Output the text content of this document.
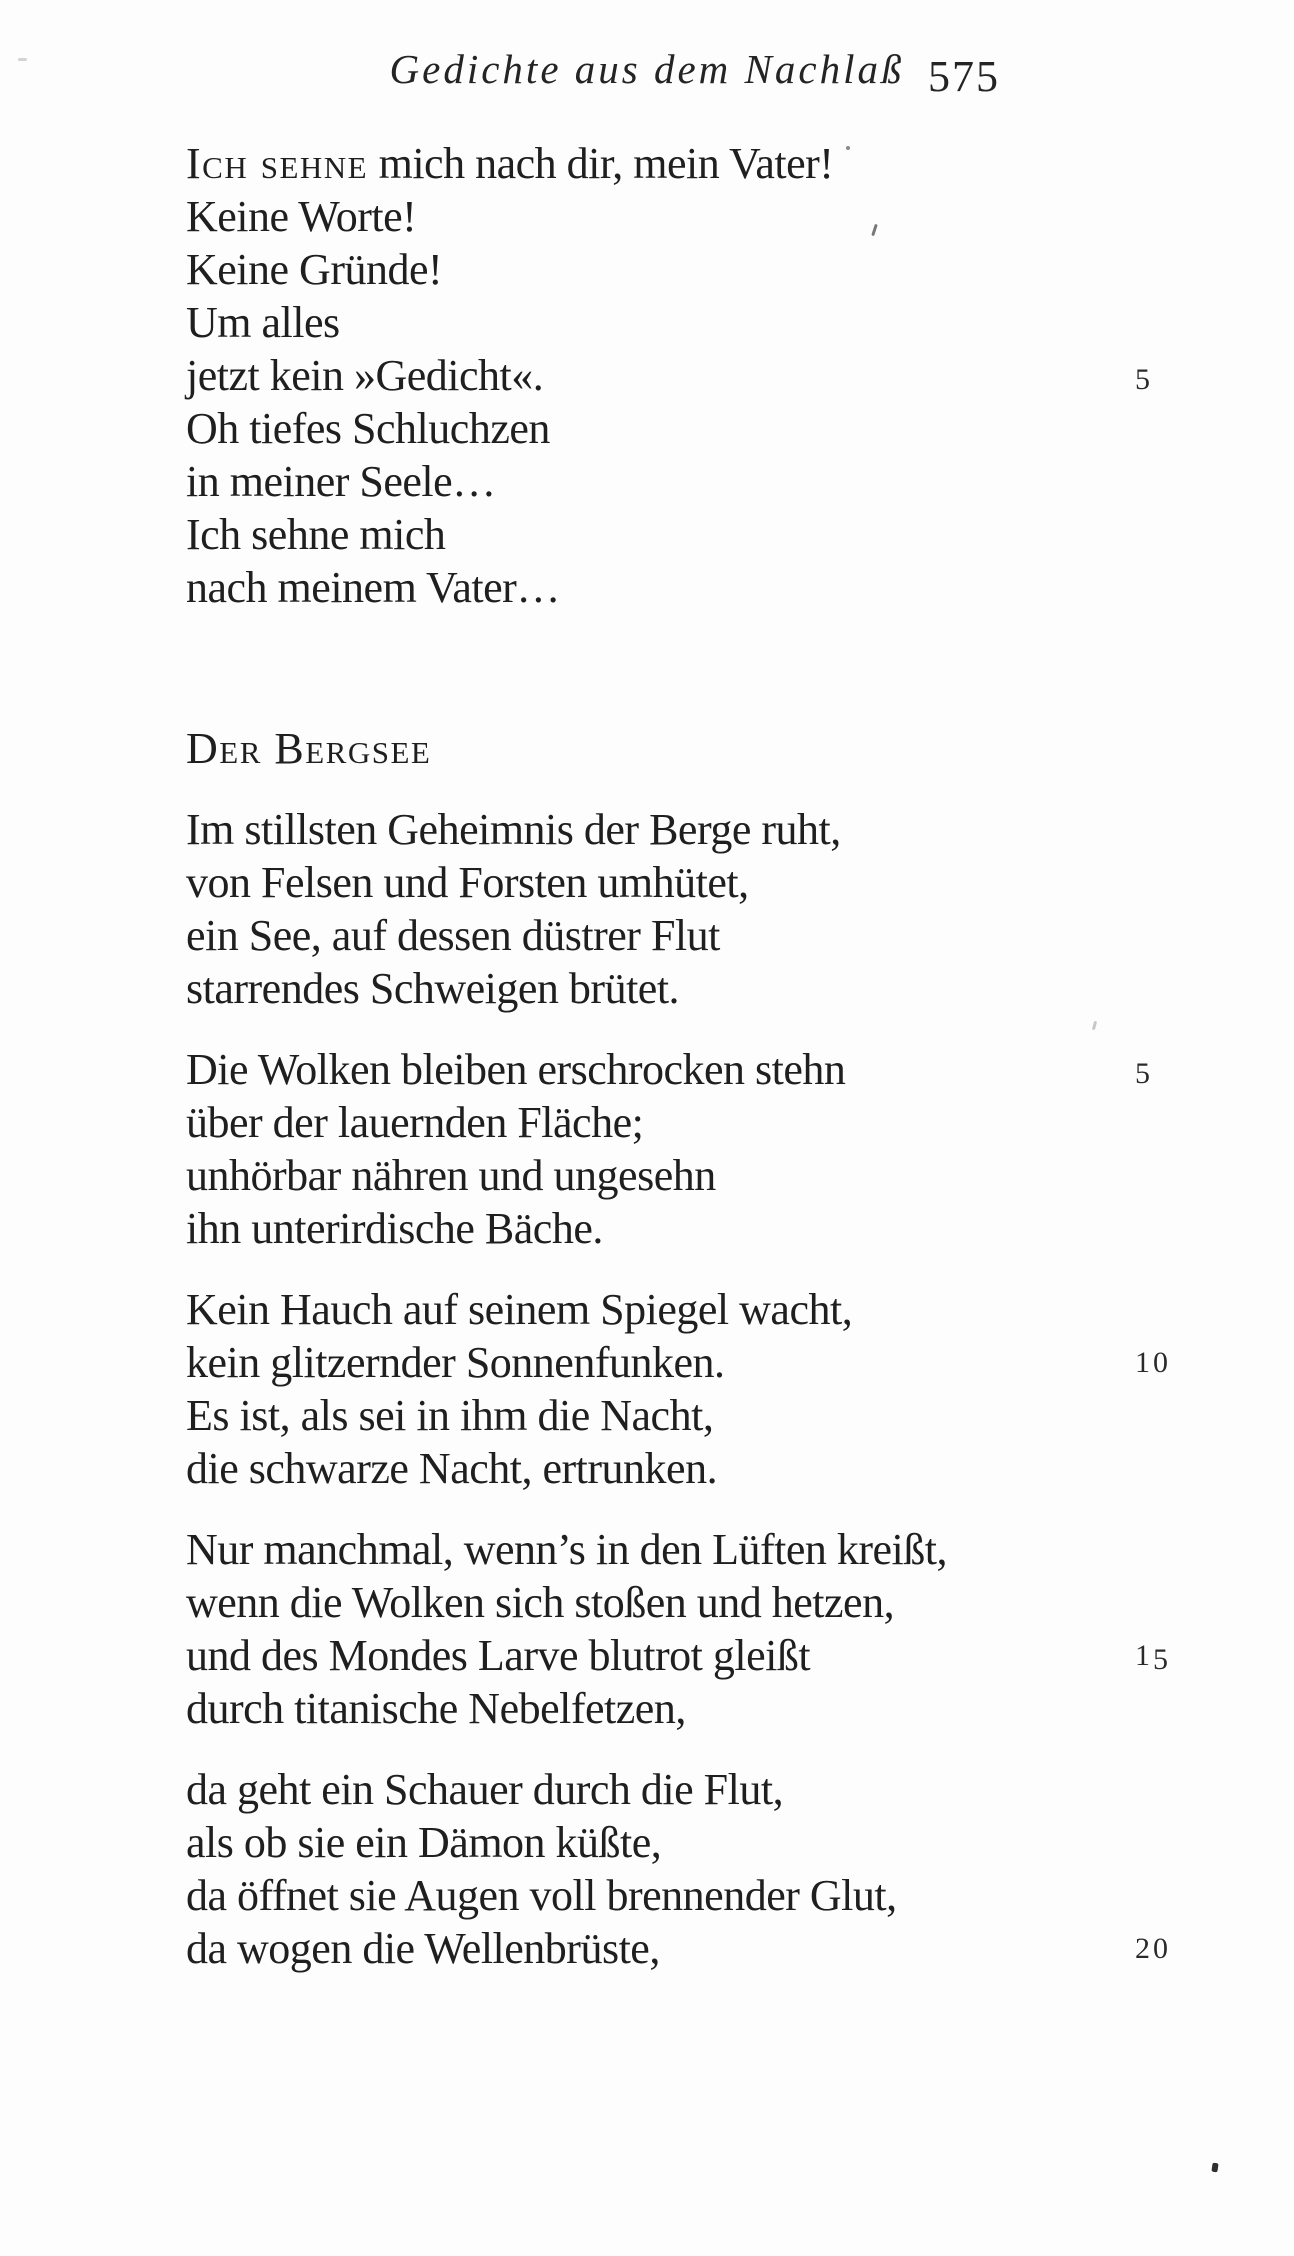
Gedichte aus dem Nachlaß 575
Ich sehne mich nach dir, mein Vater!
Keine Worte!
Keine Gründe!
Um alles
jetzt kein »Gedicht«.	5
Oh tiefes Schluchzen
in meiner Seele…
Ich sehne mich
nach meinem Vater…
Der Bergsee
Im stillsten Geheimnis der Berge ruht,
von Felsen und Forsten umhütet,
ein See, auf dessen düstrer Flut
starrendes Schweigen brütet.
Die Wolken bleiben erschrocken stehn	5
über der lauernden Fläche;
unhörbar nähren und ungesehn
ihn unterirdische Bäche.
Kein Hauch auf seinem Spiegel wacht,
kein glitzernder Sonnenfunken.	10
Es ist, als sei in ihm die Nacht,
die schwarze Nacht, ertrunken.
Nur manchmal, wenn’s in den Lüften kreißt,
wenn die Wolken sich stoßen und hetzen,
und des Mondes Larve blutrot gleißt	15
durch titanische Nebelfetzen,
da geht ein Schauer durch die Flut,
als ob sie ein Dämon küßte,
da öffnet sie Augen voll brennender Glut,
da wogen die Wellenbrüste,	20
